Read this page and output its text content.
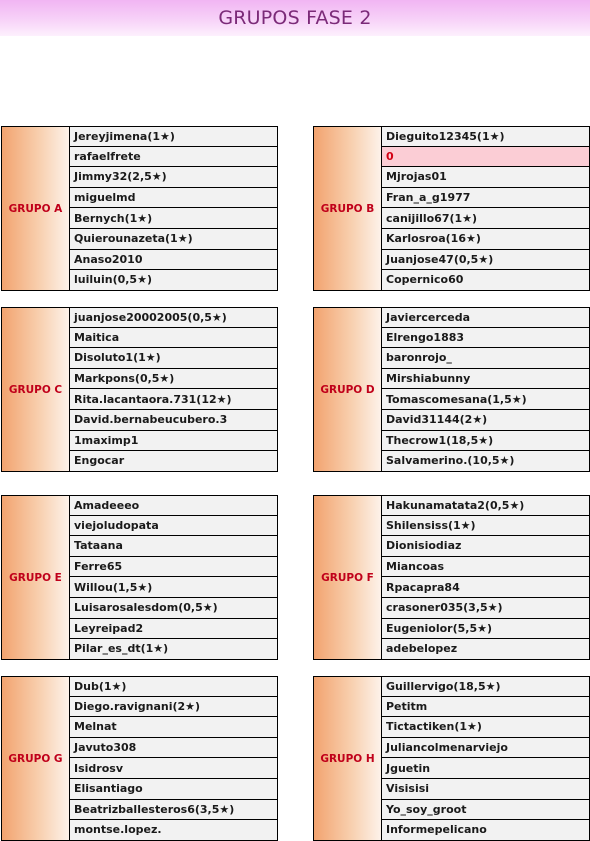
GRUPOS FASE 2
GRUPO A
Jereyjimena(1★)
rafaelfrete
Jimmy32(2,5★)
miguelmd
Bernych(1★)
Quierounazeta(1★)
Anaso2010
luiluin(0,5★)
GRUPO B
Dieguito12345(1★)
0
Mjrojas01
Fran_a_g1977
canijillo67(1★)
Karlosroa(16★)
Juanjose47(0,5★)
Copernico60
GRUPO C
juanjose20002005(0,5★)
Maitica
Disoluto1(1★)
Markpons(0,5★)
Rita.lacantaora.731(12★)
David.bernabeucubero.3
1maximp1
Engocar
GRUPO D
Javiercerceda
Elrengo1883
baronrojo_
Mirshiabunny
Tomascomesana(1,5★)
David31144(2★)
Thecrow1(18,5★)
Salvamerino.(10,5★)
GRUPO E
Amadeeeo
viejoludopata
Tataana
Ferre65
Willou(1,5★)
Luisarosalesdom(0,5★)
Leyreipad2
Pilar_es_dt(1★)
GRUPO F
Hakunamatata2(0,5★)
Shilensiss(1★)
Dionisiodiaz
Miancoas
Rpacapra84
crasoner035(3,5★)
Eugeniolor(5,5★)
adebelopez
GRUPO G
Dub(1★)
Diego.ravignani(2★)
Melnat
Javuto308
Isidrosv
Elisantiago
Beatrizballesteros6(3,5★)
montse.lopez.
GRUPO H
Guillervigo(18,5★)
Petitm
Tictactiken(1★)
Juliancolmenarviejo
Jguetin
Visisisi
Yo_soy_groot
Informepelicano
